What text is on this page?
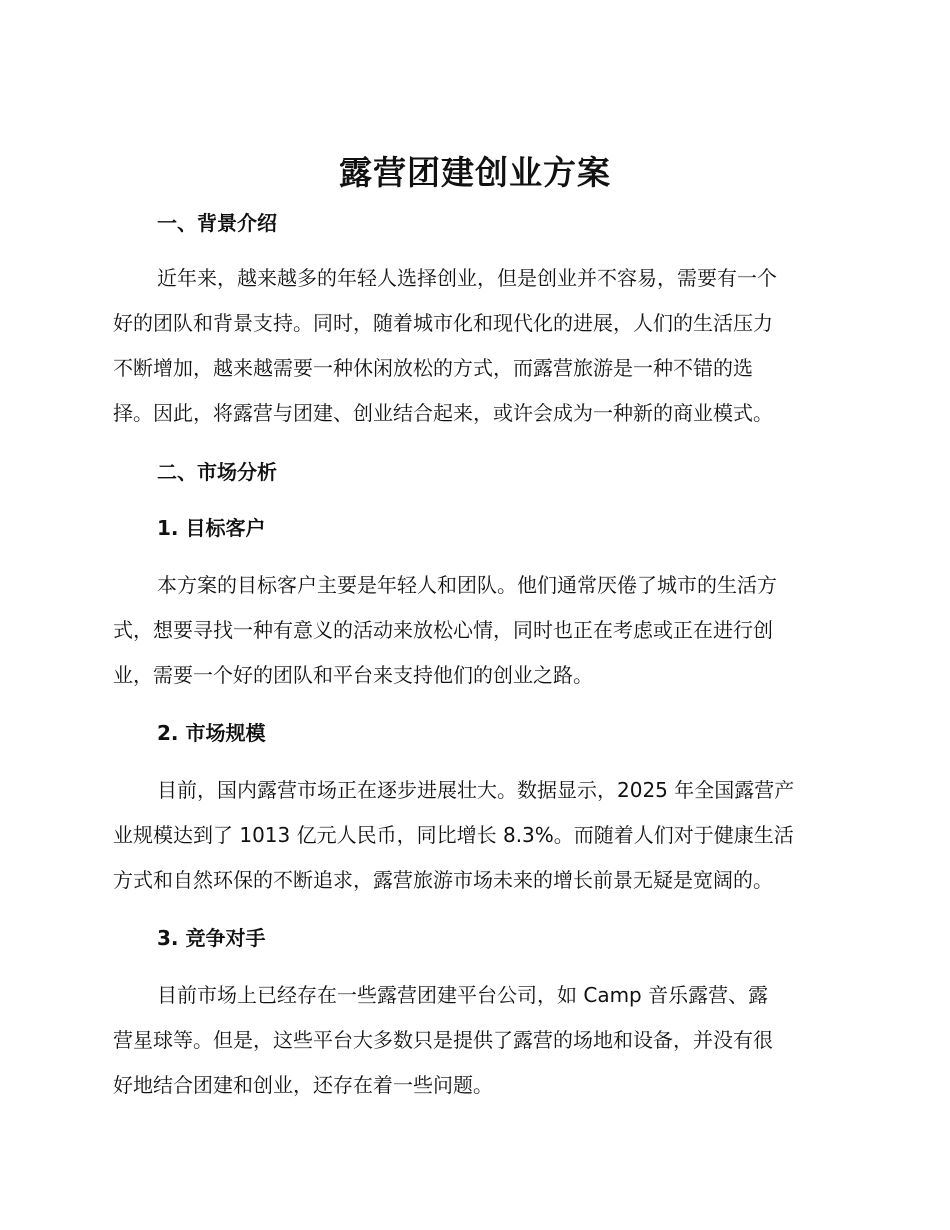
露营团建创业方案
一、背景介绍
近年来，越来越多的年轻人选择创业，但是创业并不容易，需要有一个
好的团队和背景支持。同时，随着城市化和现代化的进展，人们的生活压力
不断增加，越来越需要一种休闲放松的方式，而露营旅游是一种不错的选
择。因此，将露营与团建、创业结合起来，或许会成为一种新的商业模式。
二、市场分析
1. 目标客户
本方案的目标客户主要是年轻人和团队。他们通常厌倦了城市的生活方
式，想要寻找一种有意义的活动来放松心情，同时也正在考虑或正在进行创
业，需要一个好的团队和平台来支持他们的创业之路。
2. 市场规模
目前，国内露营市场正在逐步进展壮大。数据显示，2025 年全国露营产
业规模达到了 1013 亿元人民币，同比增长 8.3%。而随着人们对于健康生活
方式和自然环保的不断追求，露营旅游市场未来的增长前景无疑是宽阔的。
3. 竞争对手
目前市场上已经存在一些露营团建平台公司，如 Camp 音乐露营、露
营星球等。但是，这些平台大多数只是提供了露营的场地和设备，并没有很
好地结合团建和创业，还存在着一些问题。
